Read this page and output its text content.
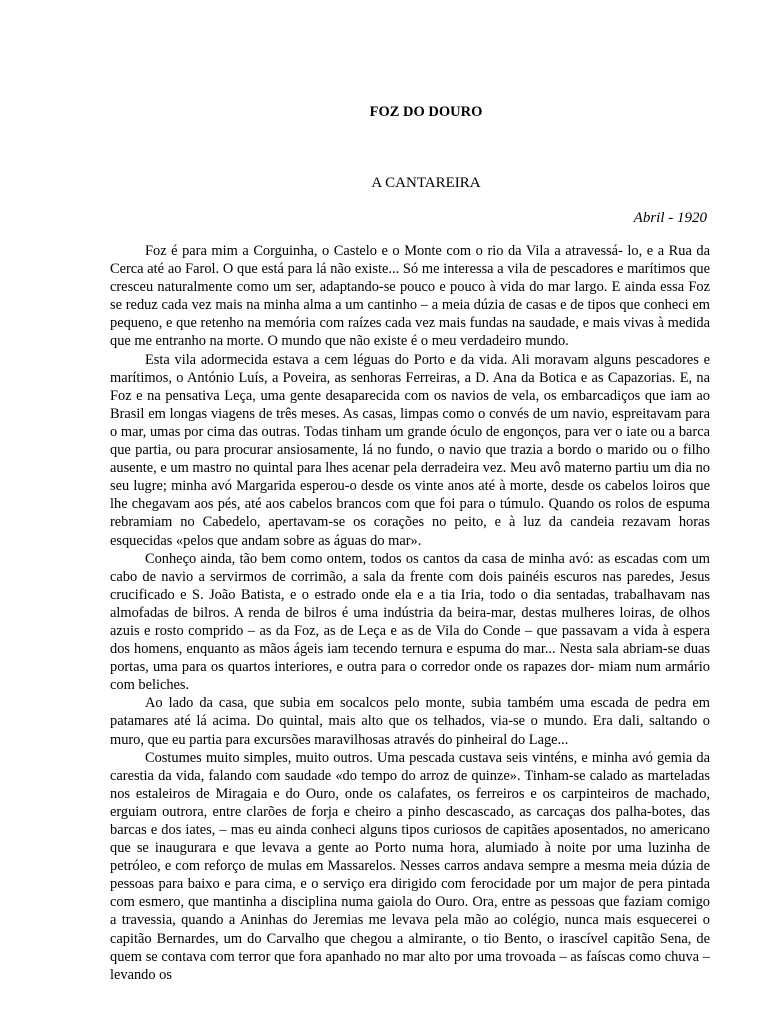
FOZ DO DOURO
A CANTAREIRA
Abril - 1920

Foz é para mim a Corguinha, o Castelo e o Monte com o rio da Vila a atravessá- lo, e a Rua da Cerca até ao Farol. O que está para lá não existe... Só me interessa a vila de pescadores e marítimos que cresceu naturalmente como um ser, adaptando-se pouco e pouco à vida do mar largo. E ainda essa Foz se reduz cada vez mais na minha alma a um cantinho – a meia dúzia de casas e de tipos que conheci em pequeno, e que retenho na memória com raízes cada vez mais fundas na saudade, e mais vivas à medida que me entranho na morte. O mundo que não existe é o meu verdadeiro mundo.

Esta vila adormecida estava a cem léguas do Porto e da vida. Ali moravam alguns pescadores e marítimos, o António Luís, a Poveira, as senhoras Ferreiras, a D. Ana da Botica e as Capazorias. E, na Foz e na pensativa Leça, uma gente desaparecida com os navios de vela, os embarcadiços que iam ao Brasil em longas viagens de três meses. As casas, limpas como o convés de um navio, espreitavam para o mar, umas por cima das outras. Todas tinham um grande óculo de engonços, para ver o iate ou a barca que partia, ou para procurar ansiosamente, lá no fundo, o navio que trazia a bordo o marido ou o filho ausente, e um mastro no quintal para lhes acenar pela derradeira vez. Meu avô materno partiu um dia no seu lugre; minha avó Margarida esperou-o desde os vinte anos até à morte, desde os cabelos loiros que lhe chegavam aos pés, até aos cabelos brancos com que foi para o túmulo. Quando os rolos de espuma rebramiam no Cabedelo, apertavam-se os corações no peito, e à luz da candeia rezavam horas esquecidas «pelos que andam sobre as águas do mar».

Conheço ainda, tão bem como ontem, todos os cantos da casa de minha avó: as escadas com um cabo de navio a servirmos de corrimão, a sala da frente com dois painéis escuros nas paredes, Jesus crucificado e S. João Batista, e o estrado onde ela e a tia Iria, todo o dia sentadas, trabalhavam nas almofadas de bilros. A renda de bilros é uma indústria da beira-mar, destas mulheres loiras, de olhos azuis e rosto comprido – as da Foz, as de Leça e as de Vila do Conde – que passavam a vida à espera dos homens, enquanto as mãos ágeis iam tecendo ternura e espuma do mar... Nesta sala abriam-se duas portas, uma para os quartos interiores, e outra para o corredor onde os rapazes dor- miam num armário com beliches.

Ao lado da casa, que subia em socalcos pelo monte, subia também uma escada de pedra em patamares até lá acima. Do quintal, mais alto que os telhados, via-se o mundo. Era dali, saltando o muro, que eu partia para excursões maravilhosas através do pinheiral do Lage...

Costumes muito simples, muito outros. Uma pescada custava seis vinténs, e minha avó gemia da carestia da vida, falando com saudade «do tempo do arroz de quinze». Tinham-se calado as marteladas nos estaleiros de Miragaia e do Ouro, onde os calafates, os ferreiros e os carpinteiros de machado, erguiam outrora, entre clarões de forja e cheiro a pinho descascado, as carcaças dos palha-botes, das barcas e dos iates, – mas eu ainda conheci alguns tipos curiosos de capitães aposentados, no americano que se inaugurara e que levava a gente ao Porto numa hora, alumiado à noite por uma luzinha de petróleo, e com reforço de mulas em Massarelos. Nesses carros andava sempre a mesma meia dúzia de pessoas para baixo e para cima, e o serviço era dirigido com ferocidade por um major de pera pintada com esmero, que mantinha a disciplina numa gaiola do Ouro. Ora, entre as pessoas que faziam comigo a travessia, quando a Aninhas do Jeremias me levava pela mão ao colégio, nunca mais esquecerei o capitão Bernardes, um do Carvalho que chegou a almirante, o tio Bento, o irascível capitão Sena, de quem se contava com terror que fora apanhado no mar alto por uma trovoada – as faíscas como chuva – levando os
